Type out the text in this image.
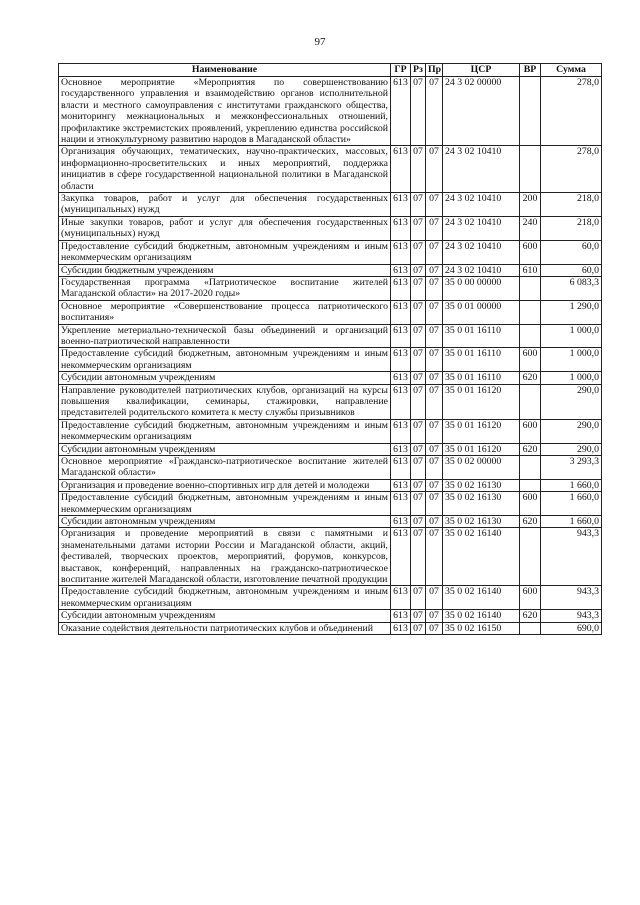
97
Наименование	ГР	Рз	Пр	ЦСР	ВР	Сумма
Основное мероприятие «Мероприятия по совершенствованию государственного управления и взаимодействию органов исполнительной власти и местного самоуправления с институтами гражданского общества, мониторингу межнациональных и межконфессиональных отношений, профилактике экстремистских проявлений, укреплению единства российской нации и этнокультурному развитию народов в Магаданской области»	613	07	07	24 3 02 00000		278,0
Организация обучающих, тематических, научно-практических, массовых, информационно-просветительских и иных мероприятий, поддержка инициатив в сфере государственной национальной политики в Магаданской области	613	07	07	24 3 02 10410		278,0
Закупка товаров, работ и услуг для обеспечения государственных (муниципальных) нужд	613	07	07	24 3 02 10410	200	218,0
Иные закупки товаров, работ и услуг для обеспечения государственных (муниципальных) нужд	613	07	07	24 3 02 10410	240	218,0
Предоставление субсидий бюджетным, автономным учреждениям и иным некоммерческим организациям	613	07	07	24 3 02 10410	600	60,0
Субсидии бюджетным учреждениям	613	07	07	24 3 02 10410	610	60,0
Государственная программа «Патриотическое воспитание жителей Магаданской области» на 2017-2020 годы»	613	07	07	35 0 00 00000		6 083,3
Основное мероприятие «Совершенствование процесса патриотического воспитания»	613	07	07	35 0 01 00000		1 290,0
Укрепление метериально-технической базы объединений и организаций военно-патриотической направленности	613	07	07	35 0 01 16110		1 000,0
Предоставление субсидий бюджетным, автономным учреждениям и иным некоммерческим организациям	613	07	07	35 0 01 16110	600	1 000,0
Субсидии автономным учреждениям	613	07	07	35 0 01 16110	620	1 000,0
Направление руководителей патриотических клубов, организаций на курсы повышения квалификации, семинары, стажировки, направление представителей родительского комитета к месту службы призывников	613	07	07	35 0 01 16120		290,0
Предоставление субсидий бюджетным, автономным учреждениям и иным некоммерческим организациям	613	07	07	35 0 01 16120	600	290,0
Субсидии автономным учреждениям	613	07	07	35 0 01 16120	620	290,0
Основное мероприятие «Гражданско-патриотическое воспитание жителей Магаданской области»	613	07	07	35 0 02 00000		3 293,3
Организация и проведение военно-спортивных игр для детей и молодежи	613	07	07	35 0 02 16130		1 660,0
Предоставление субсидий бюджетным, автономным учреждениям и иным некоммерческим организациям	613	07	07	35 0 02 16130	600	1 660,0
Субсидии автономным учреждениям	613	07	07	35 0 02 16130	620	1 660,0
Организация и проведение мероприятий в связи с памятными и знаменательными датами истории России и Магаданской области, акций, фестивалей, творческих проектов, мероприятий, форумов, конкурсов, выставок, конференций, направленных на гражданско-патриотическое воспитание жителей Магаданской области, изготовление печатной продукции	613	07	07	35 0 02 16140		943,3
Предоставление субсидий бюджетным, автономным учреждениям и иным некоммерческим организациям	613	07	07	35 0 02 16140	600	943,3
Субсидии автономным учреждениям	613	07	07	35 0 02 16140	620	943,3
Оказание содействия деятельности патриотических клубов и объединений	613	07	07	35 0 02 16150		690,0
